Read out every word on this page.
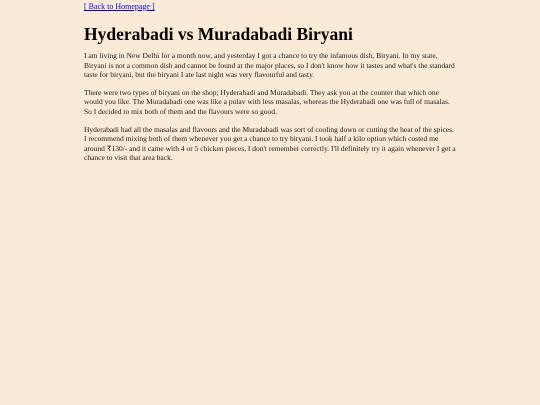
[ Back to Homepage ]
Hyderabadi vs Muradabadi Biryani

I am living in New Delhi for a month now, and yesterday I got a chance to try the infamous dish, Biryani. In my state, Biryani is not a common dish and cannot be found at the major places, so I don't know how it tastes and what's the standard taste for biryani, but the biryani I ate last night was very flavourful and tasty.

There were two types of biryani on the shop; Hyderabadi and Muradabadi. They ask you at the counter that which one would you like. The Muradabadi one was like a pulav with less masalas, whereas the Hyderabadi one was full of masalas. So I decided to mix both of them and the flavours were so good.

Hyderabadi had all the masalas and flavours and the Muradabadi was sort of cooling down or cutting the heat of the spices. I recommend mixing both of them whenever you get a chance to try biryani. I took half a kilo option which costed me around ₹130/- and it came with 4 or 5 chicken pieces, I don't remember correctly. I'll definitely try it again whenever I get a chance to visit that area back.
